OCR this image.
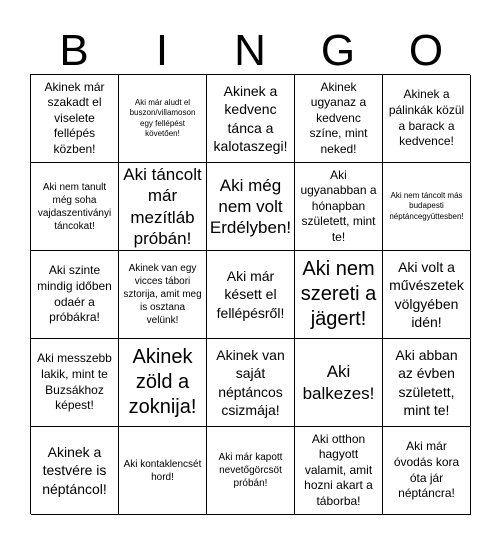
B	I	N	G	O
Akinek már szakadt el viselete fellépés közben!
Aki már aludt el buszon/villamoson egy fellépést követően!
Akinek a kedvenc tánca a kalotaszegi!
Akinek ugyanaz a kedvenc színe, mint neked!
Akinek a pálinkák közül a barack a kedvence!
Aki nem tanult még soha vajdaszentiványi táncokat!
Aki táncolt már mezítláb próbán!
Aki még nem volt Erdélyben!
Aki ugyanabban a hónapban született, mint te!
Aki nem táncolt más budapesti néptáncegyüttesben!
Aki szinte mindig időben odaér a próbákra!
Akinek van egy vicces tábori sztorija, amit meg is osztana velünk!
Aki már késett el fellépésről!
Aki nem szereti a jägert!
Aki volt a művészetek völgyében idén!
Aki messzebb lakik, mint te Buzsákhoz képest!
Akinek zöld a zoknija!
Akinek van saját néptáncos csizmája!
Aki balkezes!
Aki abban az évben született, mint te!
Akinek a testvére is néptáncol!
Aki kontaklencsét hord!
Aki már kapott nevetőgörcsöt próbán!
Aki otthon hagyott valamit, amit hozni akart a táborba!
Aki már óvodás kora óta jár néptáncra!
